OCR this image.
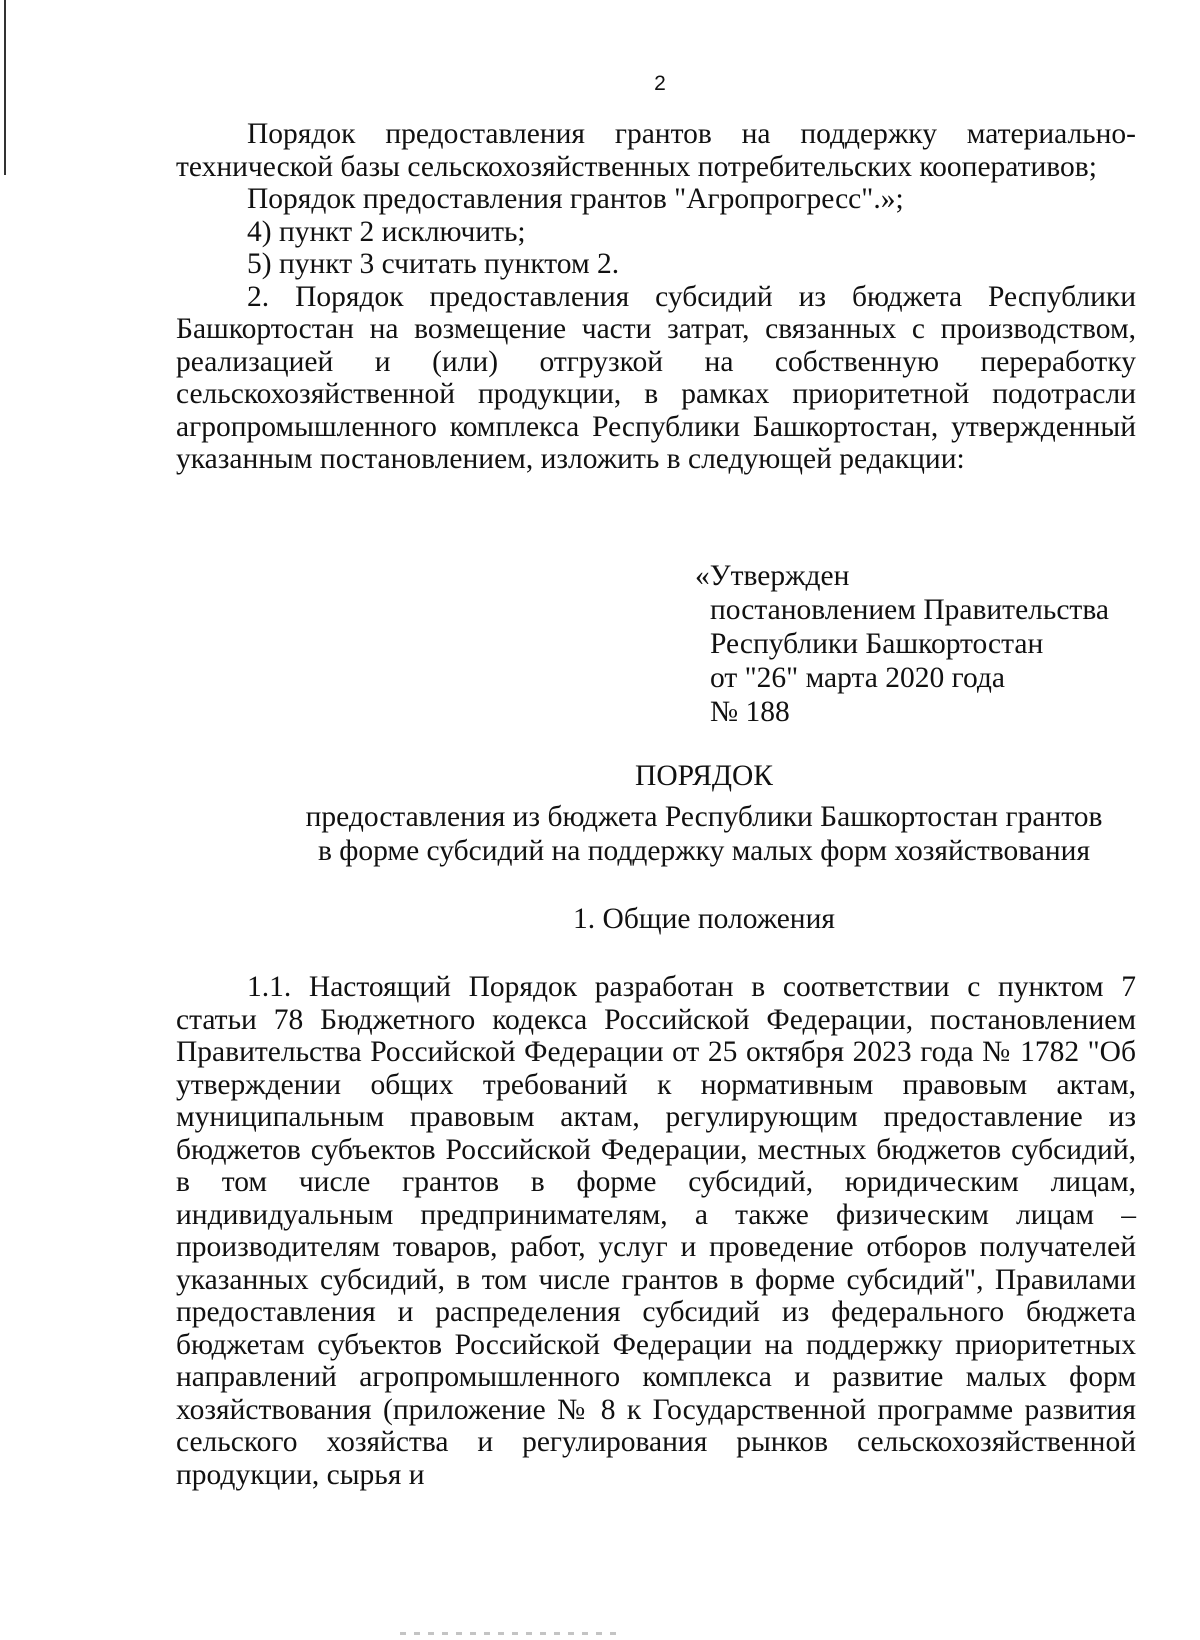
2

Порядок предоставления грантов на поддержку материально-технической базы сельскохозяйственных потребительских кооперативов;

Порядок предоставления грантов "Агропрогресс".»;

4) пункт 2 исключить;

5) пункт 3 считать пунктом 2.

2. Порядок предоставления субсидий из бюджета Республики Башкортостан на возмещение части затрат, связанных с производством, реализацией и (или) отгрузкой на собственную переработку сельскохозяйственной продукции, в рамках приоритетной подотрасли агропромышленного комплекса Республики Башкортостан, утвержденный указанным постановлением, изложить в следующей редакции:

«Утвержден
постановлением Правительства
Республики Башкортостан
от "26" марта 2020 года
№ 188
ПОРЯДОК
предоставления из бюджета Республики Башкортостан грантов
в форме субсидий на поддержку малых форм хозяйствования
1. Общие положения

1.1. Настоящий Порядок разработан в соответствии с пунктом 7 статьи 78 Бюджетного кодекса Российской Федерации, постановлением Правительства Российской Федерации от 25 октября 2023 года № 1782 "Об утверждении общих требований к нормативным правовым актам, муниципальным правовым актам, регулирующим предоставление из бюджетов субъектов Российской Федерации, местных бюджетов субсидий, в том числе грантов в форме субсидий, юридическим лицам, индивидуальным предпринимателям, а также физическим лицам – производителям товаров, работ, услуг и проведение отборов получателей указанных субсидий, в том числе грантов в форме субсидий", Правилами предоставления и распределения субсидий из федерального бюджета бюджетам субъектов Российской Федерации на поддержку приоритетных направлений агропромышленного комплекса и развитие малых форм хозяйствования (приложение № 8 к Государственной программе развития сельского хозяйства и регулирования рынков сельскохозяйственной продукции, сырья и
